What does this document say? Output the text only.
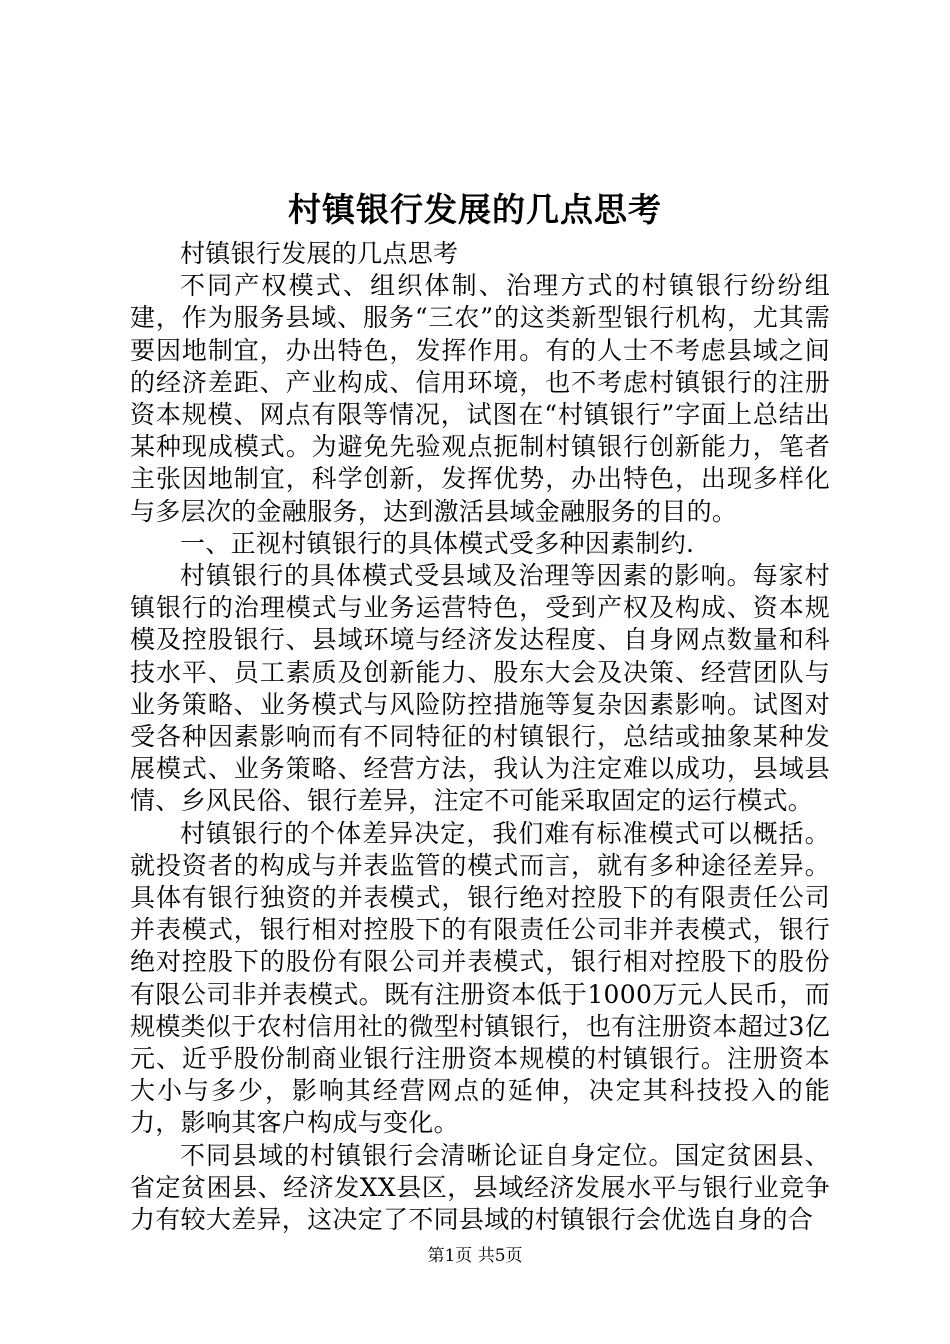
村镇银行发展的几点思考

村镇银行发展的几点思考

不同产权模式、组织体制、治理方式的村镇银行纷纷组建，作为服务县域、服务“三农”的这类新型银行机构，尤其需要因地制宜，办出特色，发挥作用。有的人士不考虑县域之间的经济差距、产业构成、信用环境，也不考虑村镇银行的注册资本规模、网点有限等情况，试图在“村镇银行”字面上总结出某种现成模式。为避免先验观点扼制村镇银行创新能力，笔者主张因地制宜，科学创新，发挥优势，办出特色，出现多样化与多层次的金融服务，达到激活县域金融服务的目的。

一、正视村镇银行的具体模式受多种因素制约.

村镇银行的具体模式受县域及治理等因素的影响。每家村镇银行的治理模式与业务运营特色，受到产权及构成、资本规模及控股银行、县域环境与经济发达程度、自身网点数量和科技水平、员工素质及创新能力、股东大会及决策、经营团队与业务策略、业务模式与风险防控措施等复杂因素影响。试图对受各种因素影响而有不同特征的村镇银行，总结或抽象某种发展模式、业务策略、经营方法，我认为注定难以成功，县域县情、乡风民俗、银行差异，注定不可能采取固定的运行模式。

村镇银行的个体差异决定，我们难有标准模式可以概括。就投资者的构成与并表监管的模式而言，就有多种途径差异。具体有银行独资的并表模式，银行绝对控股下的有限责任公司并表模式，银行相对控股下的有限责任公司非并表模式，银行绝对控股下的股份有限公司并表模式，银行相对控股下的股份有限公司非并表模式。既有注册资本低于1000万元人民币，而规模类似于农村信用社的微型村镇银行，也有注册资本超过3亿元、近乎股份制商业银行注册资本规模的村镇银行。注册资本大小与多少，影响其经营网点的延伸，决定其科技投入的能力，影响其客户构成与变化。

不同县域的村镇银行会清晰论证自身定位。国定贫困县、省定贫困县、经济发XX县区，县域经济发展水平与银行业竞争力有较大差异，这决定了不同县域的村镇银行会优选自身的合

第1页 共5页
